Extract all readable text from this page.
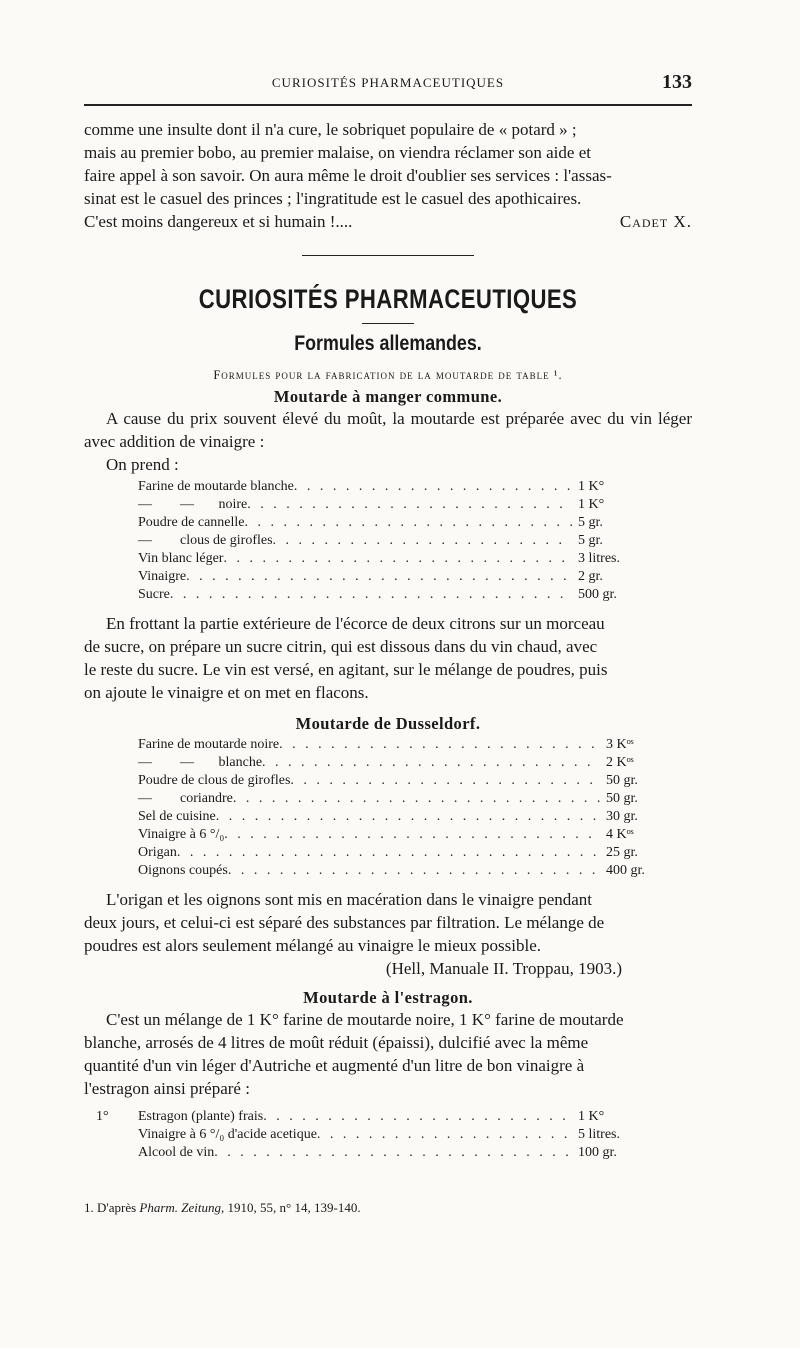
CURIOSITÉS PHARMACEUTIQUES	133

comme une insulte dont il n'a cure, le sobriquet populaire de « potard » ;

mais au premier bobo, au premier malaise, on viendra réclamer son aide et

faire appel à son savoir. On aura même le droit d'oublier ses services : l'assas-

sinat est le casuel des princes ; l'ingratitude est le casuel des apothicaires.

C'est moins dangereux et si humain !....	Cadet X.

CURIOSITÉS PHARMACEUTIQUES
Formules allemandes.
Formules pour la fabrication de la moutarde de table ¹.
Moutarde à manger commune.

A cause du prix souvent élevé du moût, la moutarde est préparée avec du vin léger avec addition de vinaigre :

On prend :

Farine de moutarde blanche . . .	1 K°
—        —       noire . . .	1 K°
Poudre de cannelle . . .	5 gr.
—        clous de girofles . . .	5 gr.
Vin blanc léger . . .	3 litres.
Vinaigre . . .	2 gr.
Sucre . . .	500 gr.

En frottant la partie extérieure de l'écorce de deux citrons sur un morceau

de sucre, on prépare un sucre citrin, qui est dissous dans du vin chaud, avec

le reste du sucre. Le vin est versé, en agitant, sur le mélange de poudres, puis

on ajoute le vinaigre et on met en flacons.

Moutarde de Dusseldorf.
Farine de moutarde noire . . .	3 Kᵒˢ
—        —       blanche . . .	2 Kᵒˢ
Poudre de clous de girofles . . .	50 gr.
—        coriandre . . .	50 gr.
Sel de cuisine . . .	30 gr.
Vinaigre à 6 °/₀ . . .	4 Kᵒˢ
Origan . . .	25 gr.
Oignons coupés . . .	400 gr.

L'origan et les oignons sont mis en macération dans le vinaigre pendant

deux jours, et celui-ci est séparé des substances par filtration. Le mélange de

poudres est alors seulement mélangé au vinaigre le mieux possible.

(Hell, Manuale II. Troppau, 1903.)

Moutarde à l'estragon.

C'est un mélange de 1 K° farine de moutarde noire, 1 K° farine de moutarde

blanche, arrosés de 4 litres de moût réduit (épaissi), dulcifié avec la même

quantité d'un vin léger d'Autriche et augmenté d'un litre de bon vinaigre à

l'estragon ainsi préparé :

1°	Estragon (plante) frais . . .	1 K°
Vinaigre à 6 °/₀ d'acide acetique . . .	5 litres.
Alcool de vin . . .	100 gr.
1. D'après Pharm. Zeitung, 1910, 55, n° 14, 139-140.
